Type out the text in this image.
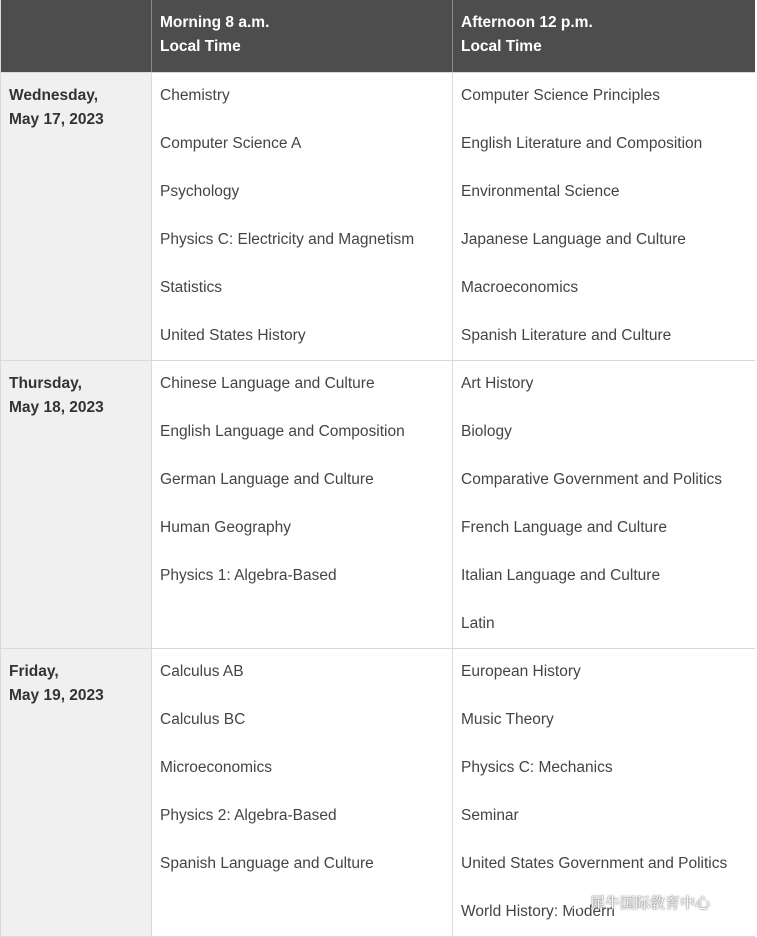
Morning 8 a.m.
Local Time
Afternoon 12 p.m.
Local Time
Wednesday,
May 17, 2023
Chemistry
Computer Science A
Psychology
Physics C: Electricity and Magnetism
Statistics
United States History
Computer Science Principles
English Literature and Composition
Environmental Science
Japanese Language and Culture
Macroeconomics
Spanish Literature and Culture
Thursday,
May 18, 2023
Chinese Language and Culture
English Language and Composition
German Language and Culture
Human Geography
Physics 1: Algebra-Based
Art History
Biology
Comparative Government and Politics
French Language and Culture
Italian Language and Culture
Latin
Friday,
May 19, 2023
Calculus AB
Calculus BC
Microeconomics
Physics 2: Algebra-Based
Spanish Language and Culture
European History
Music Theory
Physics C: Mechanics
Seminar
United States Government and Politics
World History: Modern
犀牛国际教育中心
